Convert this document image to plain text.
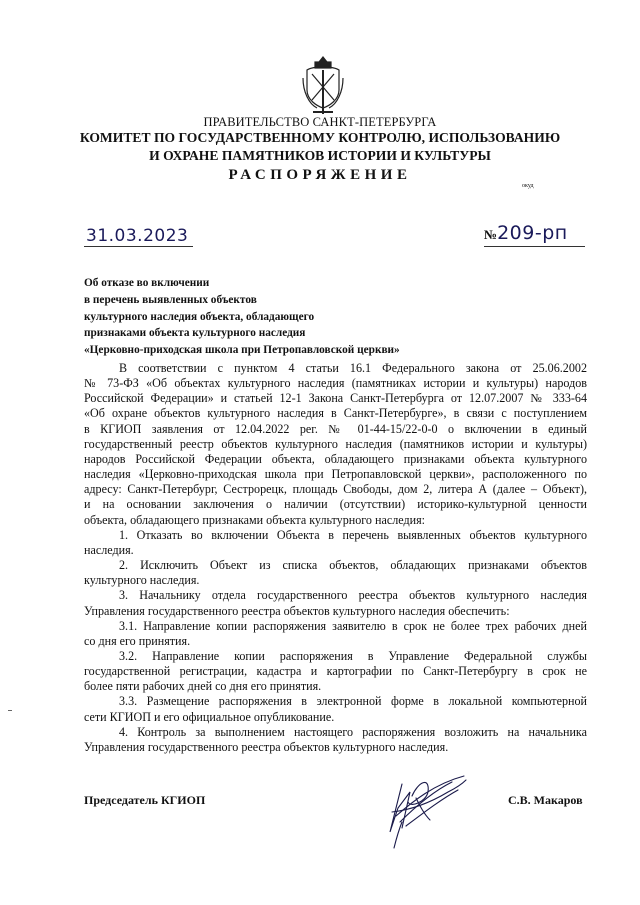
ПРАВИТЕЛЬСТВО САНКТ-ПЕТЕРБУРГА
КОМИТЕТ ПО ГОСУДАРСТВЕННОМУ КОНТРОЛЮ, ИСПОЛЬЗОВАНИЮ
И ОХРАНЕ ПАМЯТНИКОВ ИСТОРИИ И КУЛЬТУРЫ
РАСПОРЯЖЕНИЕ
окуд
31.03.2023	№209-рп
Об отказе во включении
в перечень выявленных объектов
культурного наследия объекта, обладающего
признаками объекта культурного наследия
«Церковно-приходская школа при Петропавловской церкви»
В соответствии с пунктом 4 статьи 16.1 Федерального закона от 25.06.2002
№ 73-ФЗ «Об объектах культурного наследия (памятниках истории и культуры) народов
Российской Федерации» и статьей 12-1 Закона Санкт-Петербурга от 12.07.2007 № 333-64
«Об охране объектов культурного наследия в Санкт-Петербурге», в связи с поступлением
в КГИОП заявления от 12.04.2022 рег. № 01-44-15/22-0-0 о включении в единый
государственный реестр объектов культурного наследия (памятников истории и культуры)
народов Российской Федерации объекта, обладающего признаками объекта культурного
наследия «Церковно-приходская школа при Петропавловской церкви», расположенного по
адресу: Санкт-Петербург, Сестрорецк, площадь Свободы, дом 2, литера А (далее – Объект),
и на основании заключения о наличии (отсутствии) историко-культурной ценности
объекта, обладающего признаками объекта культурного наследия:
1. Отказать во включении Объекта в перечень выявленных объектов культурного
наследия.
2. Исключить Объект из списка объектов, обладающих признаками объектов
культурного наследия.
3. Начальнику отдела государственного реестра объектов культурного наследия
Управления государственного реестра объектов культурного наследия обеспечить:
3.1. Направление копии распоряжения заявителю в срок не более трех рабочих дней
со дня его принятия.
3.2. Направление копии распоряжения в Управление Федеральной службы
государственной регистрации, кадастра и картографии по Санкт-Петербургу в срок не
более пяти рабочих дней со дня его принятия.
3.3. Размещение распоряжения в электронной форме в локальной компьютерной
сети КГИОП и его официальное опубликование.
4. Контроль за выполнением настоящего распоряжения возложить на начальника
Управления государственного реестра объектов культурного наследия.
Председатель КГИОП	С.В. Макаров
